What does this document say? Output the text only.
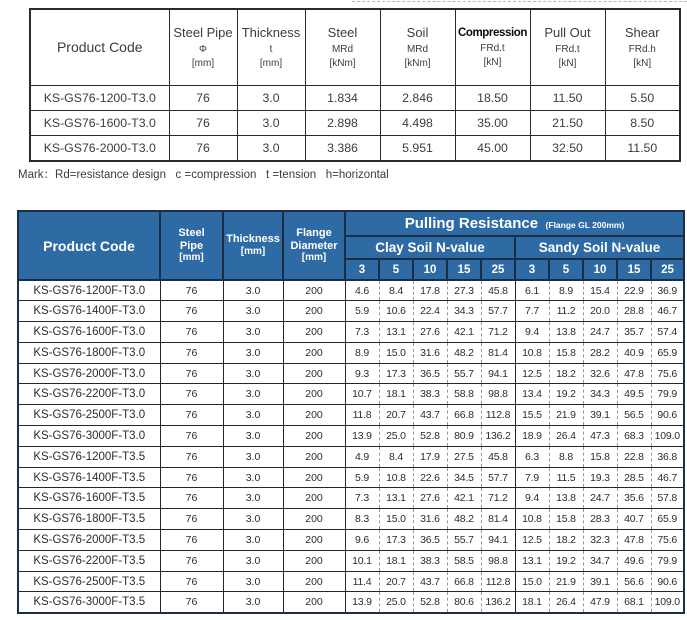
Product Code

Steel Pipe
Φ
[mm]

Thickness
t
[mm]

Steel
MRd
[kNm]

Soil
MRd
[kNm]

Compression
FRd.t
[kN]

Pull Out
FRd.t
[kN]

Shear
FRd.h
[kN]

KS-GS76-1200-T3.0	76	3.0	1.834	2.846	18.50	11.50	5.50
KS-GS76-1600-T3.0	76	3.0	2.898	4.498	35.00	21.50	8.50
KS-GS76-2000-T3.0	76	3.0	3.386	5.951	45.00	32.50	11.50
Mark：Rd=resistance design   c =compression   t =tension   h=horizontal
Product Code	
Steel
Pipe
[mm]

Thickness
[mm]

Flange
Diameter
[mm]
	Pulling Resistance (Flange GL 200mm)
				Clay Soil N-value					Sandy Soil N-value				
				3	5	10	15	25	3	5	10	15	25
KS-GS76-1200F-T3.0	76	3.0	200	4.6	8.4	17.8	27.3	45.8	6.1	8.9	15.4	22.9	36.9
KS-GS76-1400F-T3.0	76	3.0	200	5.9	10.6	22.4	34.3	57.7	7.7	11.2	20.0	28.8	46.7
KS-GS76-1600F-T3.0	76	3.0	200	7.3	13.1	27.6	42.1	71.2	9.4	13.8	24.7	35.7	57.4
KS-GS76-1800F-T3.0	76	3.0	200	8.9	15.0	31.6	48.2	81.4	10.8	15.8	28.2	40.9	65.9
KS-GS76-2000F-T3.0	76	3.0	200	9.3	17.3	36.5	55.7	94.1	12.5	18.2	32.6	47.8	75.6
KS-GS76-2200F-T3.0	76	3.0	200	10.7	18.1	38.3	58.8	98.8	13.4	19.2	34.3	49.5	79.9
KS-GS76-2500F-T3.0	76	3.0	200	11.8	20.7	43.7	66.8	112.8	15.5	21.9	39.1	56.5	90.6
KS-GS76-3000F-T3.0	76	3.0	200	13.9	25.0	52.8	80.9	136.2	18.9	26.4	47.3	68.3	109.0
KS-GS76-1200F-T3.5	76	3.0	200	4.9	8.4	17.9	27.5	45.8	6.3	8.8	15.8	22.8	36.8
KS-GS76-1400F-T3.5	76	3.0	200	5.9	10.8	22.6	34.5	57.7	7.9	11.5	19.3	28.5	46.7
KS-GS76-1600F-T3.5	76	3.0	200	7.3	13.1	27.6	42.1	71.2	9.4	13.8	24.7	35.6	57.8
KS-GS76-1800F-T3.5	76	3.0	200	8.3	15.0	31.6	48.2	81.4	10.8	15.8	28.3	40.7	65.9
KS-GS76-2000F-T3.5	76	3.0	200	9.6	17.3	36.5	55.7	94.1	12.5	18.2	32.3	47.8	75.6
KS-GS76-2200F-T3.5	76	3.0	200	10.1	18.1	38.3	58.5	98.8	13.1	19.2	34.7	49.6	79.9
KS-GS76-2500F-T3.5	76	3.0	200	11.4	20.7	43.7	66.8	112.8	15.0	21.9	39.1	56.6	90.6
KS-GS76-3000F-T3.5	76	3.0	200	13.9	25.0	52.8	80.6	136.2	18.1	26.4	47.9	68.1	109.0
